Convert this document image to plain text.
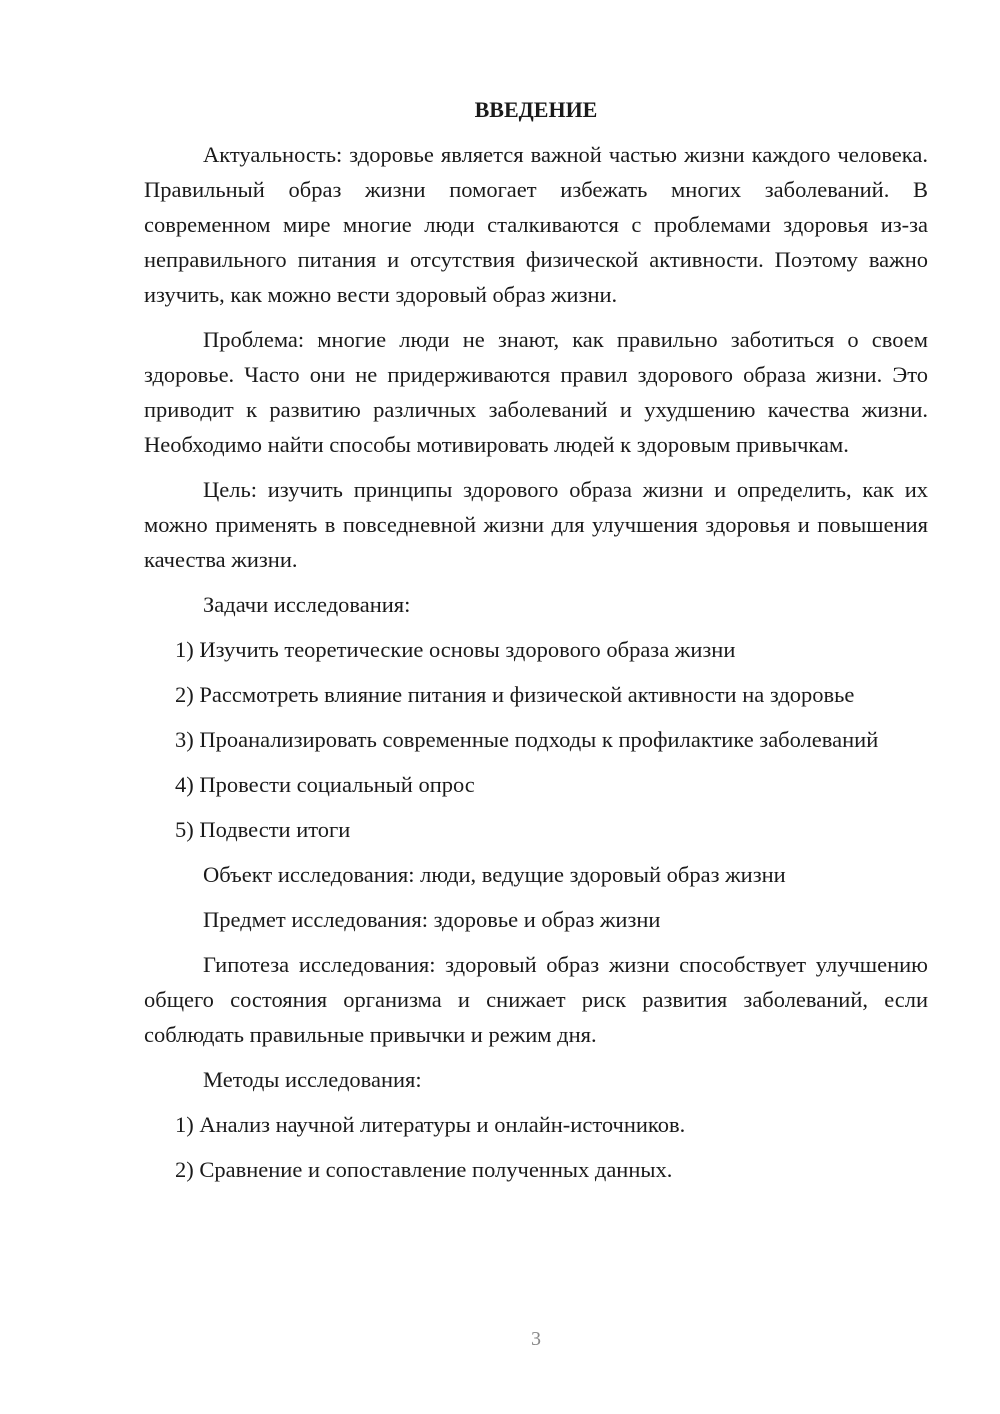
ВВЕДЕНИЕ
Актуальность: здоровье является важной частью жизни каждого человека. Правильный образ жизни помогает избежать многих заболеваний. В современном мире многие люди сталкиваются с проблемами здоровья из-за неправильного питания и отсутствия физической активности. Поэтому важно изучить, как можно вести здоровый образ жизни.
Проблема: многие люди не знают, как правильно заботиться о своем здоровье. Часто они не придерживаются правил здорового образа жизни. Это приводит к развитию различных заболеваний и ухудшению качества жизни. Необходимо найти способы мотивировать людей к здоровым привычкам.
Цель: изучить принципы здорового образа жизни и определить, как их можно применять в повседневной жизни для улучшения здоровья и повышения качества жизни.
Задачи исследования:
1) Изучить теоретические основы здорового образа жизни
2) Рассмотреть влияние питания и физической активности на здоровье
3) Проанализировать современные подходы к профилактике заболеваний
4) Провести социальный опрос
5) Подвести итоги
Объект исследования: люди, ведущие здоровый образ жизни
Предмет исследования: здоровье и образ жизни
Гипотеза исследования: здоровый образ жизни способствует улучшению общего состояния организма и снижает риск развития заболеваний, если соблюдать правильные привычки и режим дня.
Методы исследования:
1) Анализ научной литературы и онлайн-источников.
2) Сравнение и сопоставление полученных данных.
3
